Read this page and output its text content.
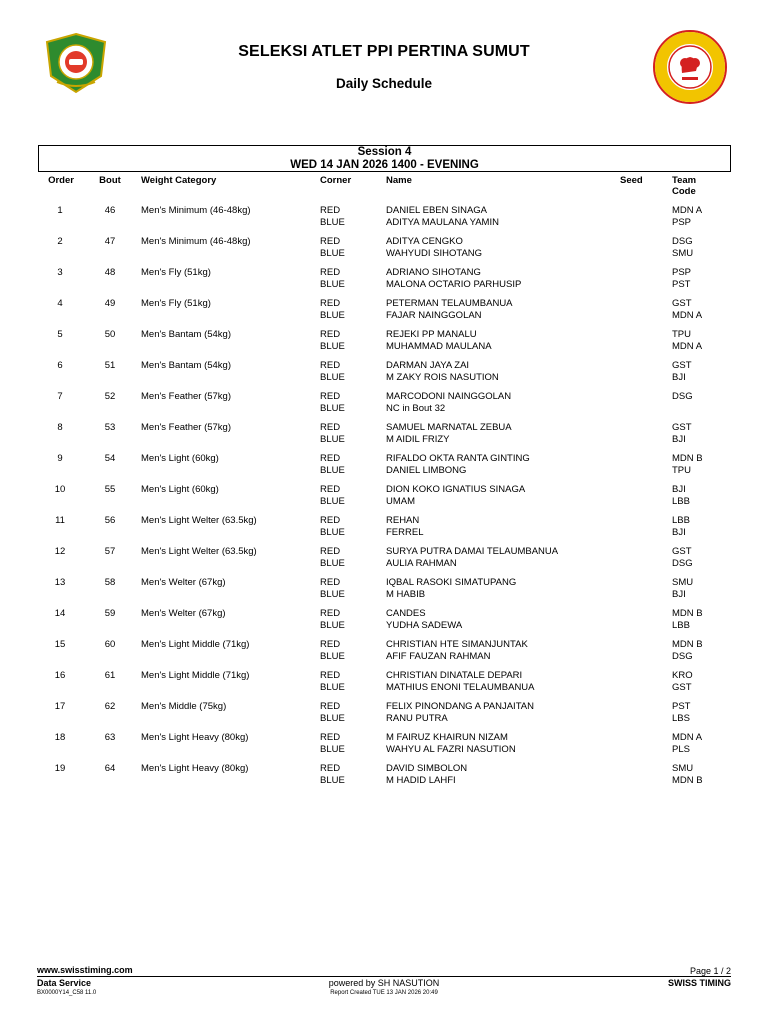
SELEKSI ATLET PPI PERTINA SUMUT
Daily Schedule
Session 4
WED 14 JAN 2026 1400 - EVENING
Order	Bout	Weight Category	Corner	Name	Seed	Team
Code
1	46	Men's Minimum (46-48kg)	RED	DANIEL EBEN SINAGA	MDN A
BLUE	ADITYA MAULANA YAMIN	PSP
2	47	Men's Minimum (46-48kg)	RED	ADITYA CENGKO	DSG
BLUE	WAHYUDI SIHOTANG	SMU
3	48	Men's Fly (51kg)	RED	ADRIANO SIHOTANG	PSP
BLUE	MALONA OCTARIO PARHUSIP	PST
4	49	Men's Fly (51kg)	RED	PETERMAN TELAUMBANUA	GST
BLUE	FAJAR NAINGGOLAN	MDN A
5	50	Men's Bantam (54kg)	RED	REJEKI PP MANALU	TPU
BLUE	MUHAMMAD MAULANA	MDN A
6	51	Men's Bantam (54kg)	RED	DARMAN JAYA ZAI	GST
BLUE	M ZAKY ROIS NASUTION	BJI
7	52	Men's Feather (57kg)	RED	MARCODONI NAINGGOLAN	DSG
BLUE	NC in Bout 32
8	53	Men's Feather (57kg)	RED	SAMUEL MARNATAL ZEBUA	GST
BLUE	M AIDIL FRIZY	BJI
9	54	Men's Light (60kg)	RED	RIFALDO OKTA RANTA GINTING	MDN B
BLUE	DANIEL LIMBONG	TPU
10	55	Men's Light (60kg)	RED	DION KOKO IGNATIUS SINAGA	BJI
BLUE	UMAM	LBB
11	56	Men's Light Welter (63.5kg)	RED	REHAN	LBB
BLUE	FERREL	BJI
12	57	Men's Light Welter (63.5kg)	RED	SURYA PUTRA DAMAI TELAUMBANUA	GST
BLUE	AULIA RAHMAN	DSG
13	58	Men's Welter (67kg)	RED	IQBAL RASOKI SIMATUPANG	SMU
BLUE	M HABIB	BJI
14	59	Men's Welter (67kg)	RED	CANDES	MDN B
BLUE	YUDHA SADEWA	LBB
15	60	Men's Light Middle (71kg)	RED	CHRISTIAN HTE SIMANJUNTAK	MDN B
BLUE	AFIF FAUZAN RAHMAN	DSG
16	61	Men's Light Middle (71kg)	RED	CHRISTIAN DINATALE DEPARI	KRO
BLUE	MATHIUS ENONI TELAUMBANUA	GST
17	62	Men's Middle (75kg)	RED	FELIX PINONDANG A PANJAITAN	PST
BLUE	RANU PUTRA	LBS
18	63	Men's Light Heavy (80kg)	RED	M FAIRUZ KHAIRUN NIZAM	MDN A
BLUE	WAHYU AL FAZRI NASUTION	PLS
19	64	Men's Light Heavy (80kg)	RED	DAVID SIMBOLON	SMU
BLUE	M HADID LAHFI	MDN B
www.swisstiming.com
Data Service
BX0000Y14_C58 11.0
powered by SH NASUTION
Report Created TUE 13 JAN 2026 20:49
Page 1 / 2
SWISS TIMING
